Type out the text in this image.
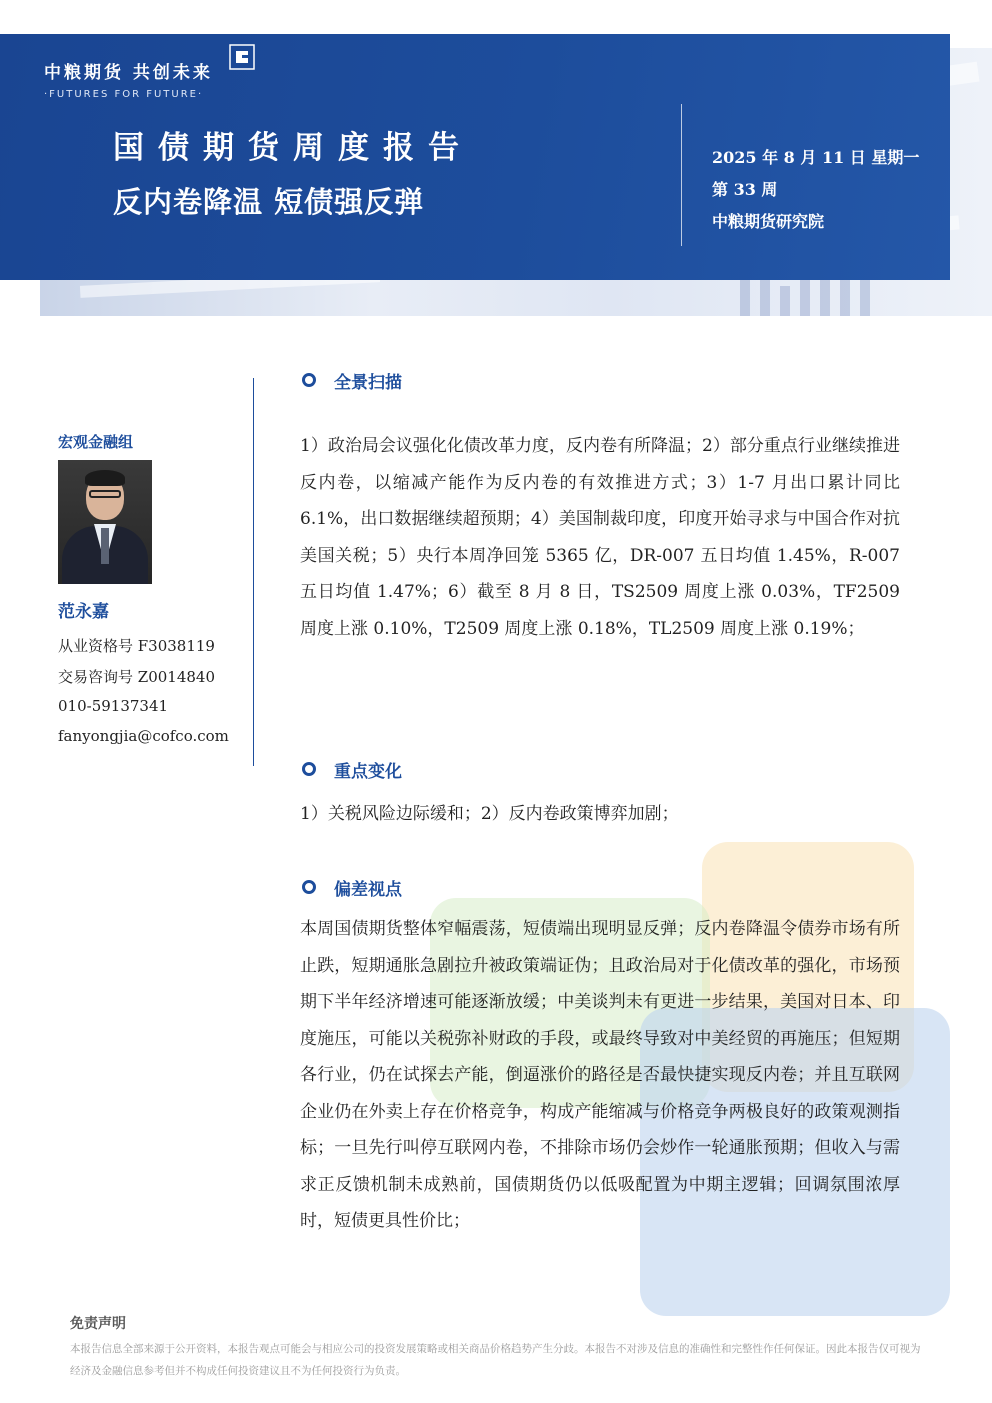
中粮期货 共创未来
·FUTURES FOR FUTURE·
国债期货周度报告
反内卷降温 短债强反弹
2025 年 8 月 11 日 星期一
第 33 周
中粮期货研究院
宏观金融组
范永嘉
从业资格号 F3038119
交易咨询号 Z0014840
010-59137341
fanyongjia@cofco.com
全景扫描
1）政治局会议强化化债改革力度，反内卷有所降温；2）部分重点行业继续推进反内卷，以缩减产能作为反内卷的有效推进方式；3）1-7 月出口累计同比 6.1%，出口数据继续超预期；4）美国制裁印度，印度开始寻求与中国合作对抗美国关税；5）央行本周净回笼 5365 亿，DR-007 五日均值 1.45%，R-007 五日均值 1.47%；6）截至 8 月 8 日，TS2509 周度上涨 0.03%，TF2509 周度上涨 0.10%，T2509 周度上涨 0.18%，TL2509 周度上涨 0.19%；
重点变化
1）关税风险边际缓和；2）反内卷政策博弈加剧；
偏差视点
本周国债期货整体窄幅震荡，短债端出现明显反弹；反内卷降温令债券市场有所止跌，短期通胀急剧拉升被政策端证伪；且政治局对于化债改革的强化，市场预期下半年经济增速可能逐渐放缓；中美谈判未有更进一步结果，美国对日本、印度施压，可能以关税弥补财政的手段，或最终导致对中美经贸的再施压；但短期各行业，仍在试探去产能，倒逼涨价的路径是否最快捷实现反内卷；并且互联网企业仍在外卖上存在价格竞争，构成产能缩减与价格竞争两极良好的政策观测指标；一旦先行叫停互联网内卷，不排除市场仍会炒作一轮通胀预期；但收入与需求正反馈机制未成熟前，国债期货仍以低吸配置为中期主逻辑；回调氛围浓厚时，短债更具性价比；
免责声明
本报告信息全部来源于公开资料，本报告观点可能会与相应公司的投资发展策略或相关商品价格趋势产生分歧。本报告不对涉及信息的准确性和完整性作任何保证。因此本报告仅可视为经济及金融信息参考但并不构成任何投资建议且不为任何投资行为负责。
